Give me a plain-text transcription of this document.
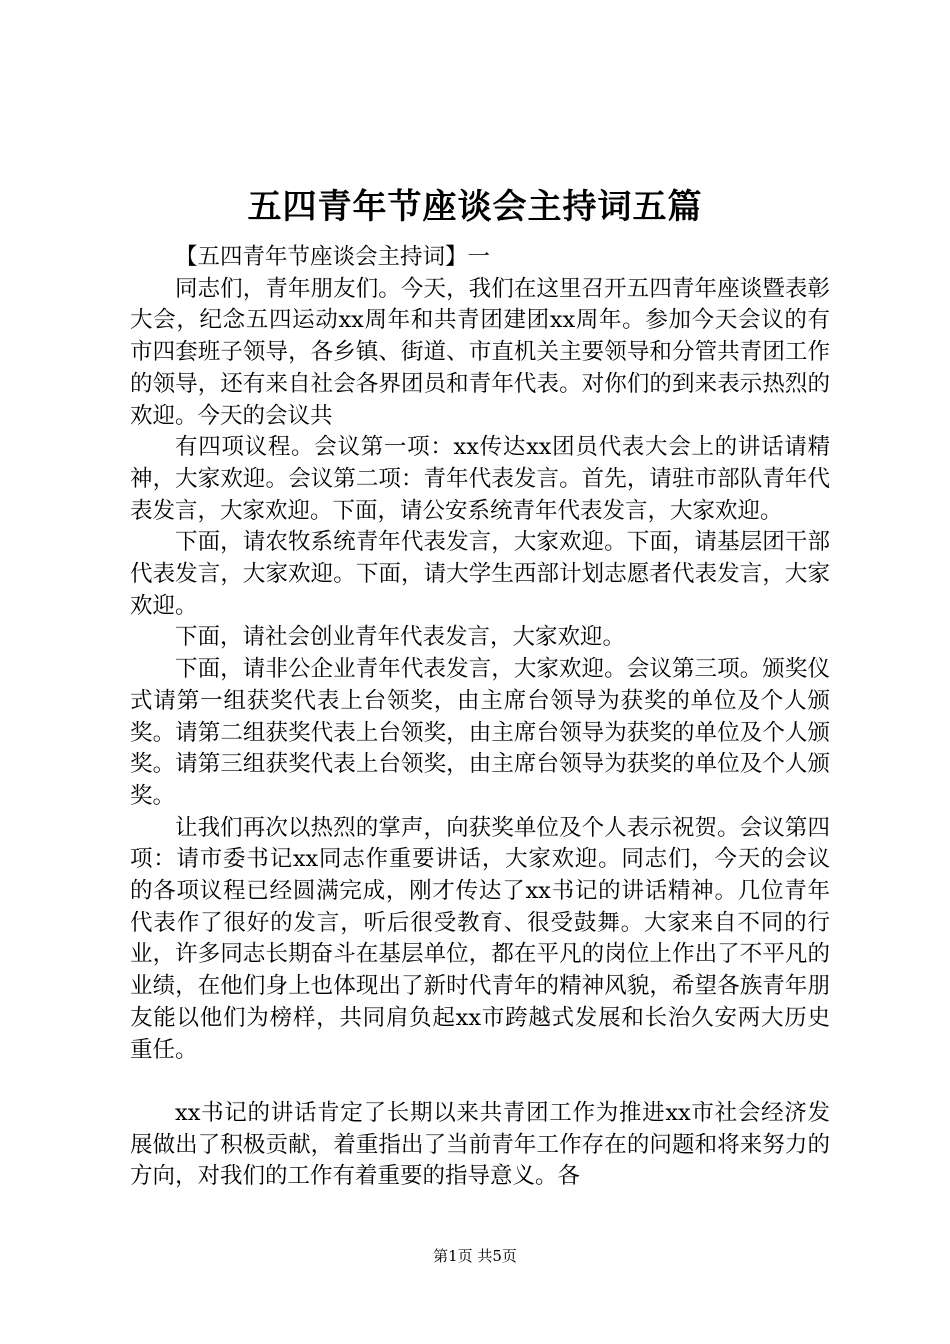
五四青年节座谈会主持词五篇

【五四青年节座谈会主持词】一

同志们，青年朋友们。今天，我们在这里召开五四青年座谈暨表彰大会，纪念五四运动xx周年和共青团建团xx周年。参加今天会议的有市四套班子领导，各乡镇、街道、市直机关主要领导和分管共青团工作的领导，还有来自社会各界团员和青年代表。对你们的到来表示热烈的欢迎。今天的会议共

有四项议程。会议第一项：xx传达xx团员代表大会上的讲话请精神，大家欢迎。会议第二项：青年代表发言。首先，请驻市部队青年代表发言，大家欢迎。下面，请公安系统青年代表发言，大家欢迎。

下面，请农牧系统青年代表发言，大家欢迎。下面，请基层团干部代表发言，大家欢迎。下面，请大学生西部计划志愿者代表发言，大家欢迎。

下面，请社会创业青年代表发言，大家欢迎。

下面，请非公企业青年代表发言，大家欢迎。会议第三项。颁奖仪式请第一组获奖代表上台领奖，由主席台领导为获奖的单位及个人颁奖。请第二组获奖代表上台领奖，由主席台领导为获奖的单位及个人颁奖。请第三组获奖代表上台领奖，由主席台领导为获奖的单位及个人颁奖。

让我们再次以热烈的掌声，向获奖单位及个人表示祝贺。会议第四项：请市委书记xx同志作重要讲话，大家欢迎。同志们，今天的会议的各项议程已经圆满完成，刚才传达了xx书记的讲话精神。几位青年代表作了很好的发言，听后很受教育、很受鼓舞。大家来自不同的行业，许多同志长期奋斗在基层单位，都在平凡的岗位上作出了不平凡的业绩，在他们身上也体现出了新时代青年的精神风貌，希望各族青年朋友能以他们为榜样，共同肩负起xx市跨越式发展和长治久安两大历史重任。

xx书记的讲话肯定了长期以来共青团工作为推进xx市社会经济发展做出了积极贡献，着重指出了当前青年工作存在的问题和将来努力的方向，对我们的工作有着重要的指导意义。各

第1页 共5页
